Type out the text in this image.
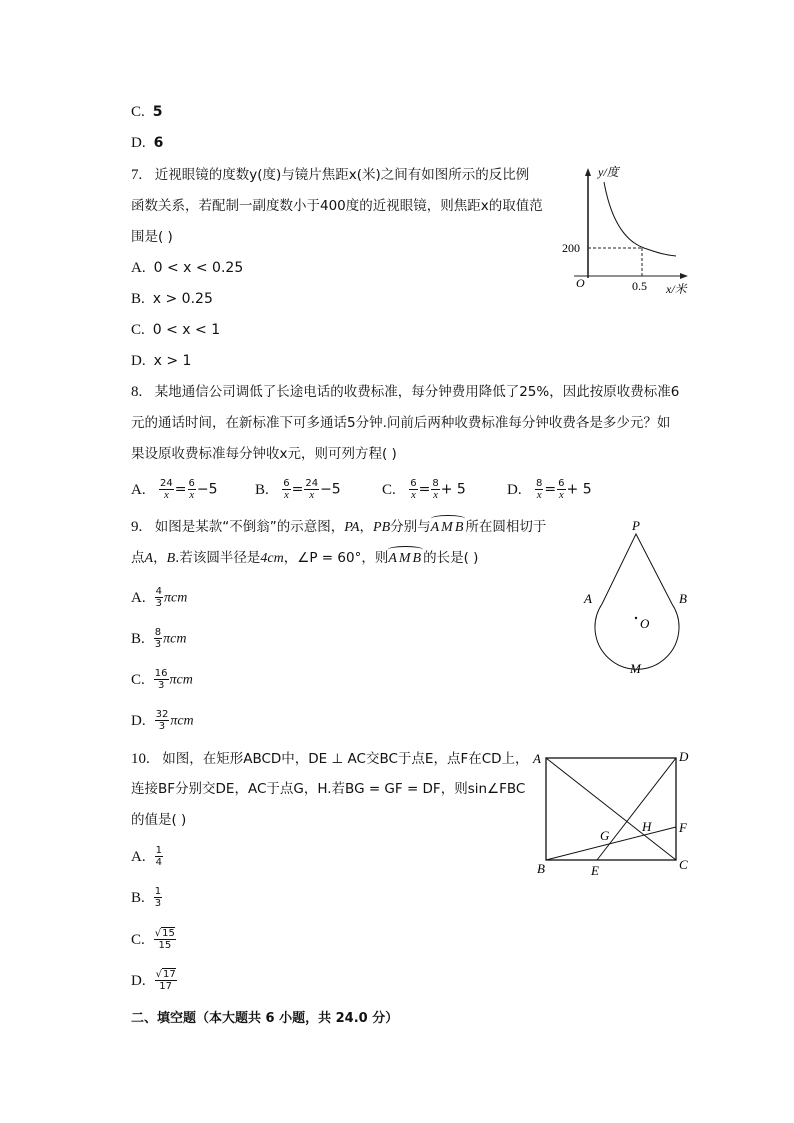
C. 5
D. 6
7. 近视眼镜的度数y(度)与镜片焦距x(米)之间有如图所示的反比例
函数关系，若配制一副度数小于400度的近视眼镜，则焦距x的取值范
围是( )
A. 0 < x < 0.25
B. x > 0.25
C. 0 < x < 1
D. x > 1
y/度
200
O	0.5 x/米
8. 某地通信公司调低了长途电话的收费标准，每分钟费用降低了25%，因此按原收费标准6
元的通话时间，在新标准下可多通话5分钟.问前后两种收费标准每分钟收费各是多少元？如
果设原收费标准每分钟收x元，则可列方程( )
A. $\frac{24}{x} = \frac{6}{x} -5$ B. $\frac{6}{x} = \frac{24}{x} -5$	C. $\frac{6}{x} = \frac{8}{x} + 5$	D. $\frac{8}{x} = \frac{6}{x} + 5$
9. 如图是某款“不倒翁”的示意图，PA，PB分别与AMB所在圆相切于
点A，B.若该圆半径是4cm，∠P = 60°，则AMB的长是( )
A. $\frac{4}{3}$ πcm
B. $\frac{8}{3}$ πcm
C. $\frac{16}{3}$ πcm
D. $\frac{32}{3}$ πcm
P
A	B
O
M
10. 如图，在矩形ABCD中，DE ⊥ AC交BC于点E，点F在CD上，
连接BF分别交DE，AC于点G，H.若BG = GF = DF，则sin∠FBC
的值是( )
A. $\frac{1}{4}$
B. $\frac{1}{3}$
C. $\frac{√15}{15}$
D. $\frac{√17}{17}$
A	D
B	C
E
F
G
H
二、填空题（本大题共 6 小题，共 24.0 分）
